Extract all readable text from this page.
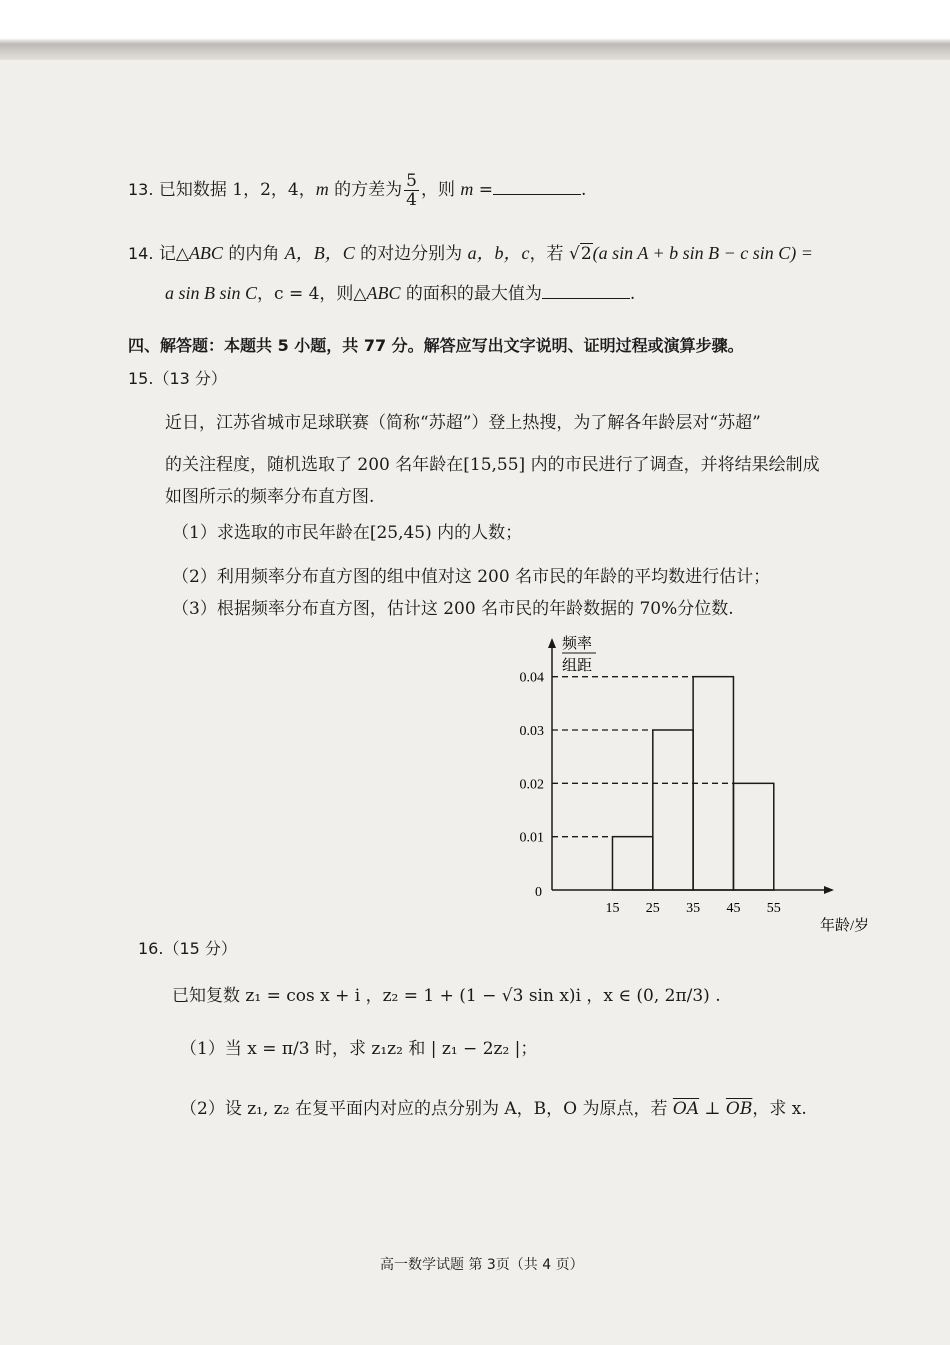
13. 已知数据 1，2，4，m 的方差为 $\frac{5}{4}$ ，则 m =	.
14. 记△ABC 的内角 A，B，C 的对边分别为 a，b，c，若 √2(a sin A + b sin B − c sin C) =
a sin B sin C，c = 4，则△ABC 的面积的最大值为	.
四、解答题：本题共 5 小题，共 77 分。解答应写出文字说明、证明过程或演算步骤。
15.（13 分）
近日，江苏省城市足球联赛（简称“苏超”）登上热搜，为了解各年龄层对“苏超”
的关注程度，随机选取了 200 名年龄在[15,55] 内的市民进行了调查，并将结果绘制成
如图所示的频率分布直方图.
（1）求选取的市民年龄在[25,45) 内的人数；
（2）利用频率分布直方图的组中值对这 200 名市民的年龄的平均数进行估计；
（3）根据频率分布直方图，估计这 200 名市民的年龄数据的 70%分位数.
0.01
0.02
0.03
0.04
0
15 25 35 45 55
频率
组距
年龄/岁
16.（15 分）
已知复数 z₁ = cos x + i ，z₂ = 1 + (1 − √3 sin x)i ，x ∈ (0, 2π/3) .
（1）当 x = π/3 时，求 z₁z₂ 和 | z₁ − 2z₂ |；
（2）设 z₁, z₂ 在复平面内对应的点分别为 A，B，O 为原点，若 $\overline{OA}$ ⊥ $\overline{OB}$，求 x.
高一数学试题 第 3页（共 4 页）
